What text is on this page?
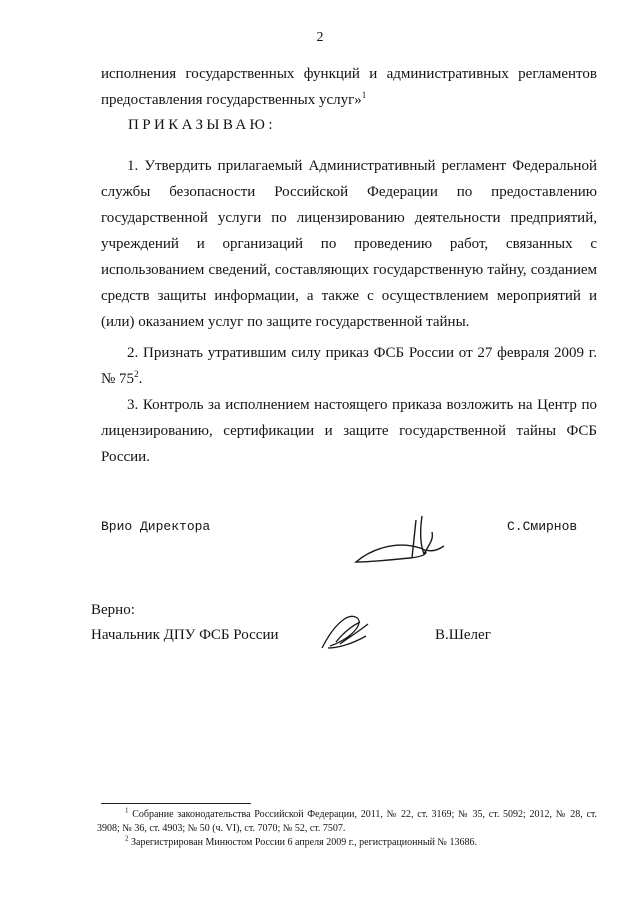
2

исполнения государственных функций и административных регламентов

предоставления государственных услуг»$^1$

ПРИКАЗЫВАЮ:

1. Утвердить прилагаемый Административный регламент Федеральной службы безопасности Российской Федерации по предоставлению государственной услуги по лицензированию деятельности предприятий, учреждений и организаций по проведению работ, связанных с использованием сведений, составляющих государственную тайну, созданием средств защиты информации, а также с осуществлением мероприятий и (или) оказанием услуг по защите государственной тайны.

2. Признать утратившим силу приказ ФСБ России от 27 февраля 2009 г. № $75^2$.

3. Контроль за исполнением настоящего приказа возложить на Центр по лицензированию, сертификации и защите государственной тайны ФСБ России.

Врио Директора	С.Смирнов
Верно:
Начальник ДПУ ФСБ России	В.Шелег

$^1$ Собрание законодательства Российской Федерации, 2011, № 22, ст. 3169; № 35, ст. 5092; 2012, № 28, ст. 3908; № 36, ст. 4903; № 50 (ч. VI), ст. 7070; № 52, ст. 7507.

$^2$ Зарегистрирован Минюстом России 6 апреля 2009 г., регистрационный № 13686.
